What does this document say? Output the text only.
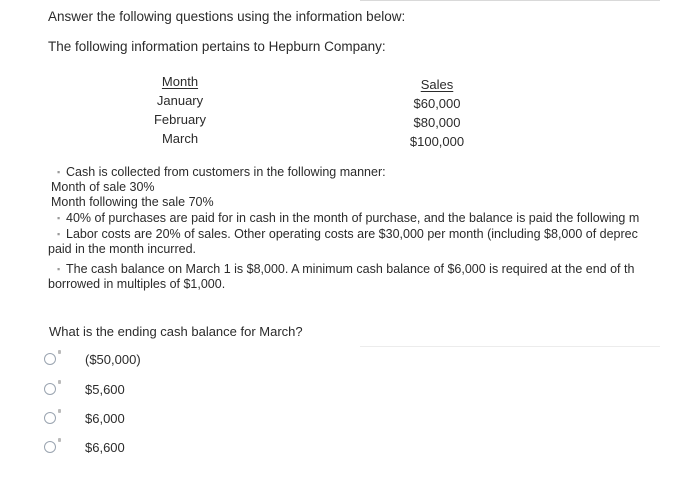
Answer the following questions using the information below:
The following information pertains to Hepburn Company:
Month
January
February
March
Sales
$60,000
$80,000
$100,000
▪
▪
▪
▪
Cash is collected from customers in the following manner:
Month of sale 30%
Month following the sale 70%
40% of purchases are paid for in cash in the month of purchase, and the balance is paid the following m
Labor costs are 20% of sales. Other operating costs are $30,000 per month (including $8,000 of deprec
paid in the month incurred.
The cash balance on March 1 is $8,000. A minimum cash balance of $6,000 is required at the end of th
borrowed in multiples of $1,000.
What is the ending cash balance for March?
($50,000)
$5,600
$6,000
$6,600
